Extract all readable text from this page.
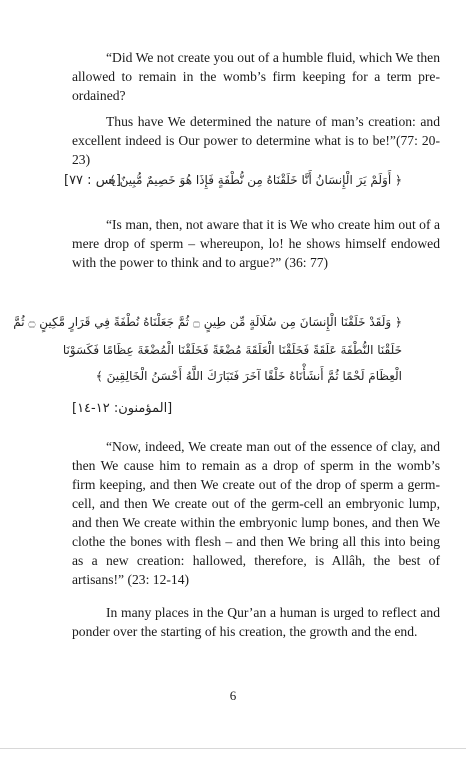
“Did We not create you out of a humble fluid, which We then allowed to remain in the womb’s firm keeping for a term pre-ordained?

Thus have We determined the nature of man’s creation: and excellent indeed is Our power to determine what is to be!”(77: 20-23)

﴿ أَوَلَمْ يَرَ الْإِنسَانُ أَنَّا خَلَقْنَاهُ مِن نُّطْفَةٍ فَإِذَا هُوَ خَصِيمٌ مُّبِينٌ ﴾
[يس : ٧٧]

“Is man, then, not aware that it is We who create him out of a mere drop of sperm – whereupon, lo! he shows himself endowed with the power to think and to argue?” (36: 77)

﴿ وَلَقَدْ خَلَقْنَا الْإِنسَانَ مِن سُلَالَةٍ مِّن طِينٍ ۝ ثُمَّ جَعَلْنَاهُ نُطْفَةً فِي قَرَارٍ مَّكِينٍ ۝ ثُمَّ
خَلَقْنَا النُّطْفَةَ عَلَقَةً فَخَلَقْنَا الْعَلَقَةَ مُضْغَةً فَخَلَقْنَا الْمُضْغَةَ عِظَامًا فَكَسَوْنَا
الْعِظَامَ لَحْمًا ثُمَّ أَنشَأْنَاهُ خَلْقًا آخَرَ فَتَبَارَكَ اللَّهُ أَحْسَنُ الْخَالِقِينَ ﴾
[المؤمنون: ١٢-١٤]

“Now, indeed, We create man out of the essence of clay, and then We cause him to remain as a drop of sperm in the womb’s firm keeping, and then We create out of the drop of sperm a germ-cell, and then We create out of the germ-cell an embryonic lump, and then We create within the embryonic lump bones, and then We clothe the bones with flesh – and then We bring all this into being as a new creation: hallowed, therefore, is Allâh, the best of artisans!” (23: 12-14)

In many places in the Qur’an a human is urged to reflect and ponder over the starting of his creation, the growth and the end.

6
